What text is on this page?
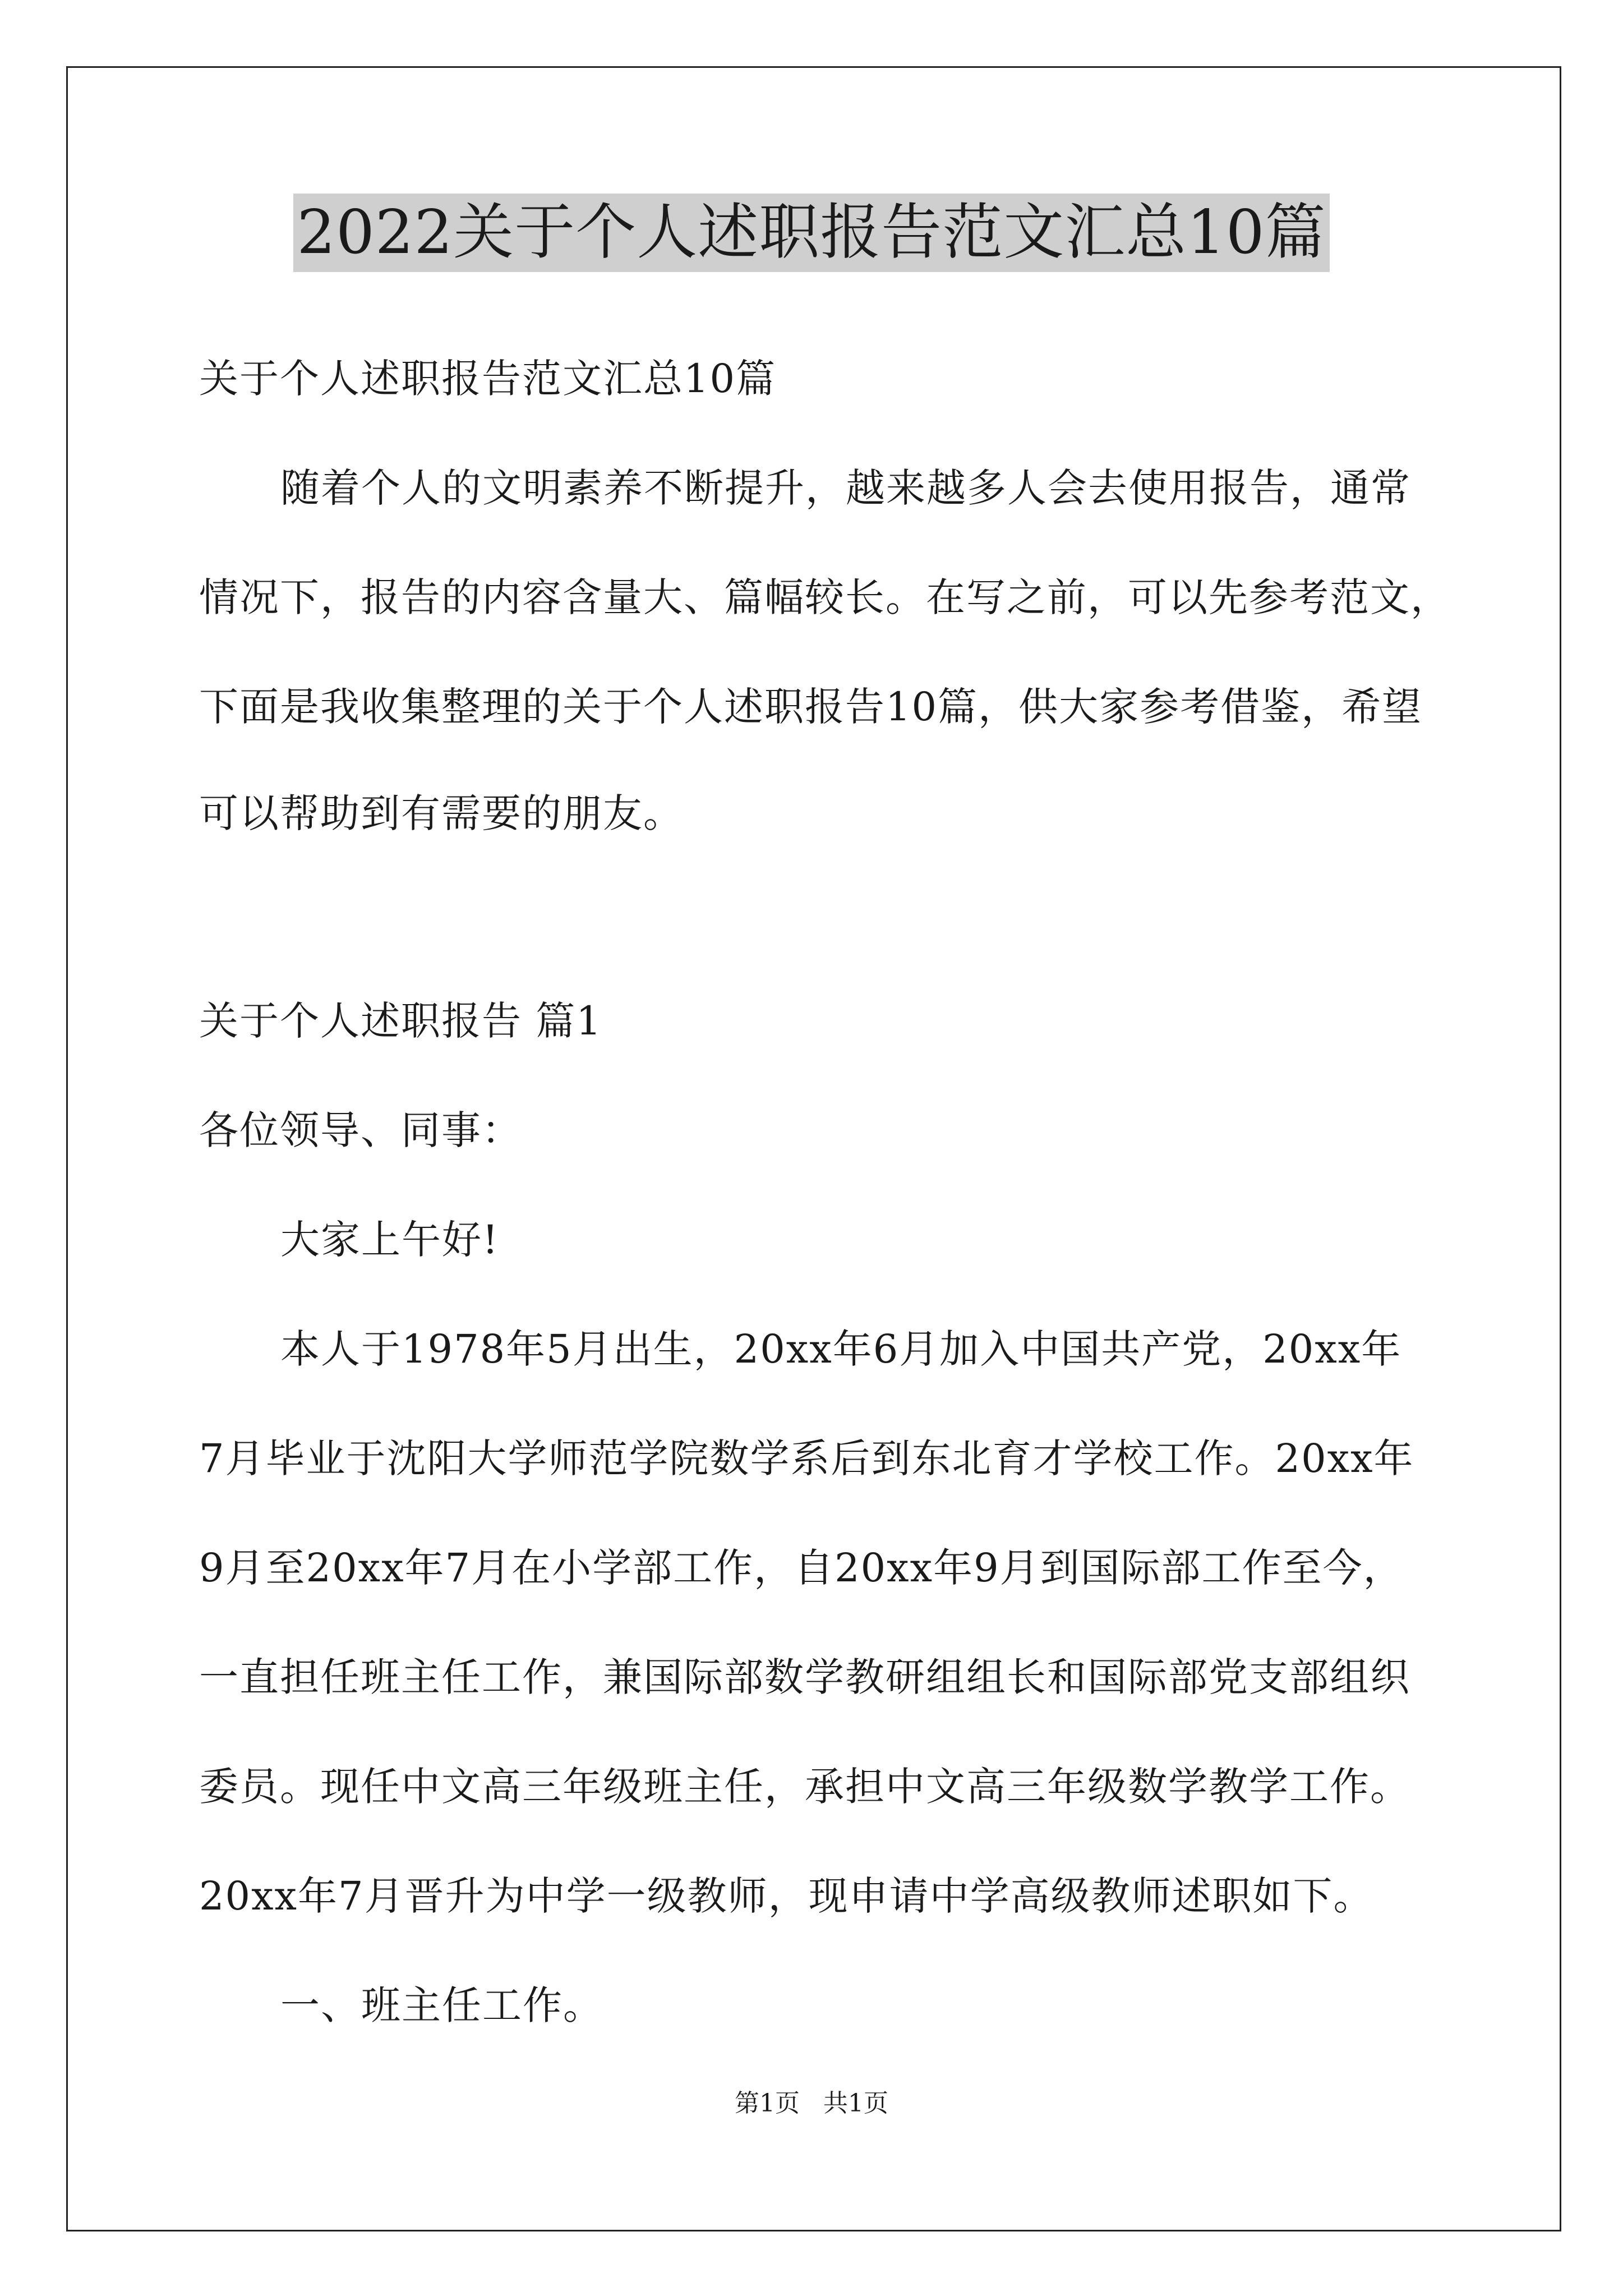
2022关于个人述职报告范文汇总10篇
关于个人述职报告范文汇总10篇
随着个人的文明素养不断提升，越来越多人会去使用报告，通常
情况下，报告的内容含量大、篇幅较长。在写之前，可以先参考范文，
下面是我收集整理的关于个人述职报告10篇，供大家参考借鉴，希望
可以帮助到有需要的朋友。
关于个人述职报告 篇1
各位领导、同事：
大家上午好!
本人于1978年5月出生，20xx年6月加入中国共产党，20xx年
7月毕业于沈阳大学师范学院数学系后到东北育才学校工作。20xx年
9月至20xx年7月在小学部工作，自20xx年9月到国际部工作至今，
一直担任班主任工作，兼国际部数学教研组组长和国际部党支部组织
委员。现任中文高三年级班主任，承担中文高三年级数学教学工作。
20xx年7月晋升为中学一级教师，现申请中学高级教师述职如下。
一、班主任工作。
第1页   共1页
